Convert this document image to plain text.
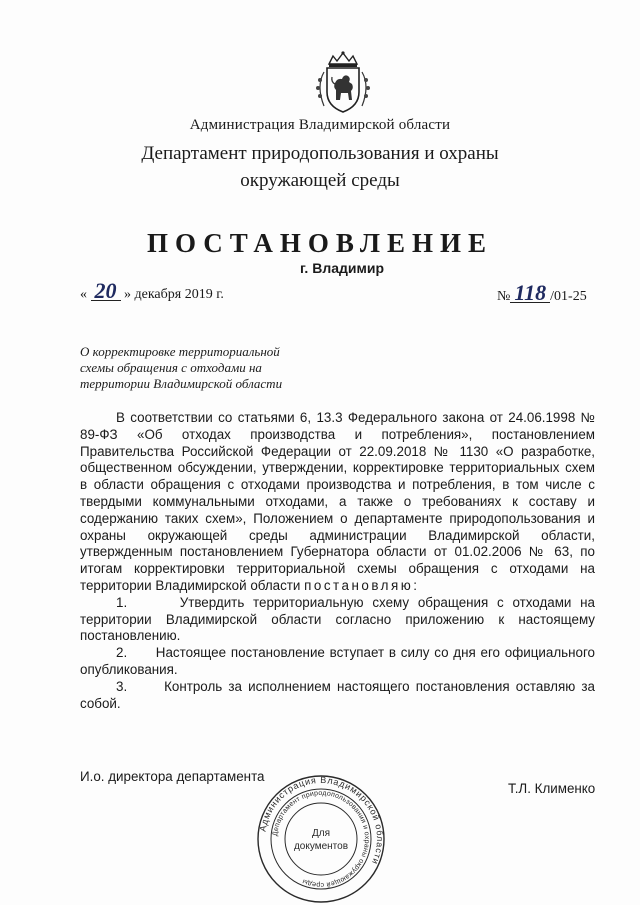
Администрация Владимирской области
Департамент природопользования и охраны
окружающей среды
ПОСТАНОВЛЕНИЕ
г. Владимир
« 20 » декабря 2019 г.	№ 118 /01-25
О корректировке территориальной
схемы обращения с отходами на
территории Владимирской области

В соответствии со статьями 6, 13.3 Федерального закона от 24.06.1998 № 89-ФЗ «Об отходах производства и потребления», постановлением Правительства Российской Федерации от 22.09.2018 № 1130 «О разработке, общественном обсуждении, утверждении, корректировке территориальных схем в области обращения с отходами производства и потребления, в том числе с твердыми коммунальными отходами, а также о требованиях к составу и содержанию таких схем», Положением о департаменте природопользования и охраны окружающей среды администрации Владимирской области, утвержденным постановлением Губернатора области от 01.02.2006 № 63, по итогам корректировки территориальной схемы обращения с отходами на территории Владимирской области постановляю:

1.	Утвердить территориальную схему обращения с отходами на территории Владимирской области согласно приложению к настоящему постановлению.

2. Настоящее постановление вступает в силу со дня его официального опубликования.

3.	Контроль за исполнением настоящего постановления оставляю за собой.

И.о. директора департамента
Т.Л. Клименко
Администрация Владимирской области
Департамент природопользования и охраны окружающей среды
Для
документов
